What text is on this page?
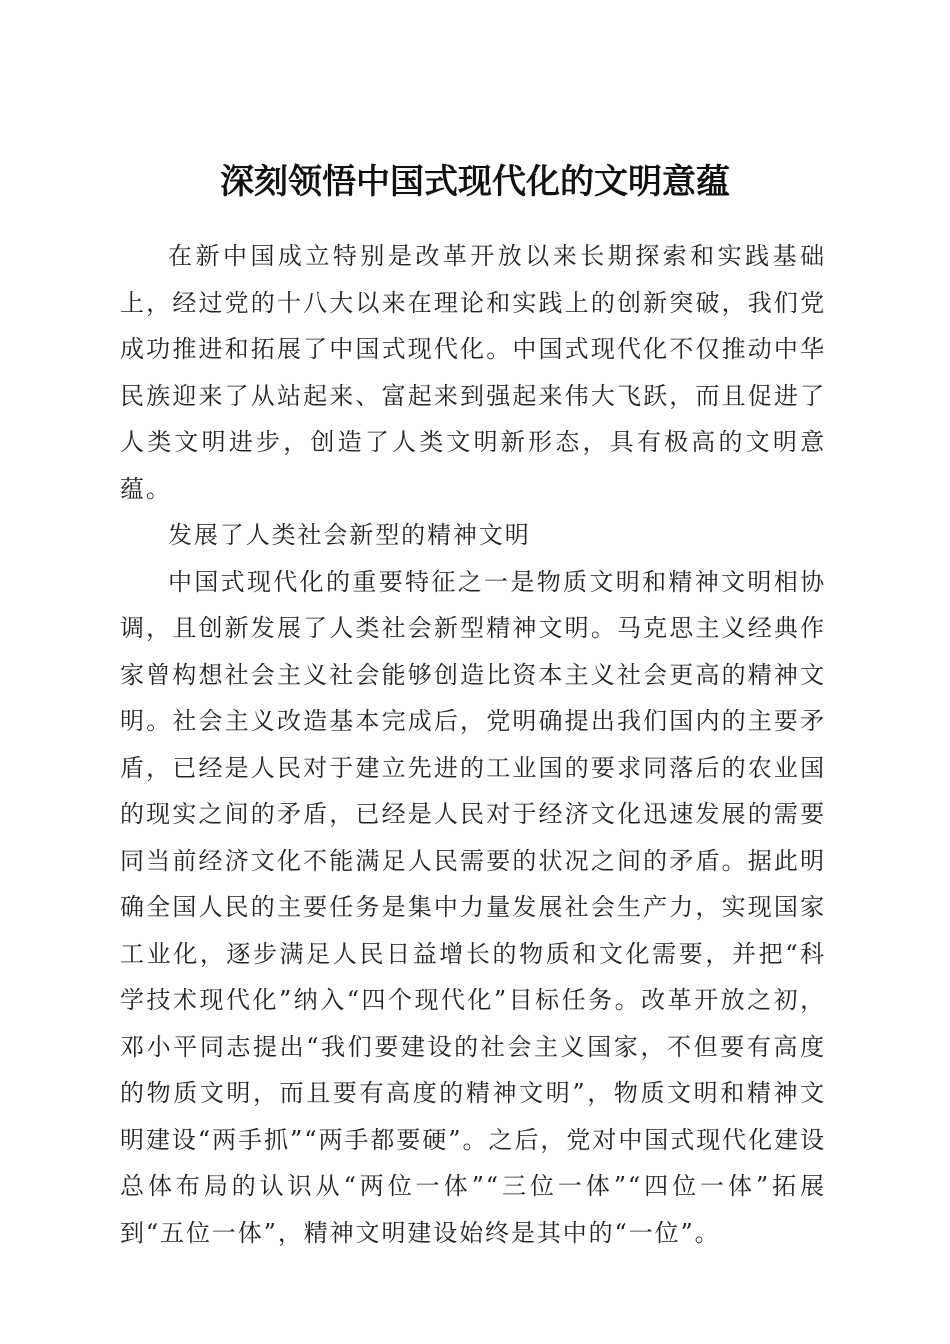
深刻领悟中国式现代化的文明意蕴

在新中国成立特别是改革开放以来长期探索和实践基础上，经过党的十八大以来在理论和实践上的创新突破，我们党成功推进和拓展了中国式现代化。中国式现代化不仅推动中华民族迎来了从站起来、富起来到强起来伟大飞跃，而且促进了人类文明进步，创造了人类文明新形态，具有极高的文明意蕴。

发展了人类社会新型的精神文明

中国式现代化的重要特征之一是物质文明和精神文明相协调，且创新发展了人类社会新型精神文明。马克思主义经典作家曾构想社会主义社会能够创造比资本主义社会更高的精神文明。社会主义改造基本完成后，党明确提出我们国内的主要矛盾，已经是人民对于建立先进的工业国的要求同落后的农业国的现实之间的矛盾，已经是人民对于经济文化迅速发展的需要同当前经济文化不能满足人民需要的状况之间的矛盾。据此明确全国人民的主要任务是集中力量发展社会生产力，实现国家工业化，逐步满足人民日益增长的物质和文化需要，并把“科学技术现代化”纳入“四个现代化”目标任务。改革开放之初，邓小平同志提出“我们要建设的社会主义国家，不但要有高度的物质文明，而且要有高度的精神文明”，物质文明和精神文明建设“两手抓”“两手都要硬”。之后，党对中国式现代化建设总体布局的认识从“两位一体”“三位一体”“四位一体”拓展到“五位一体”，精神文明建设始终是其中的“一位”。
